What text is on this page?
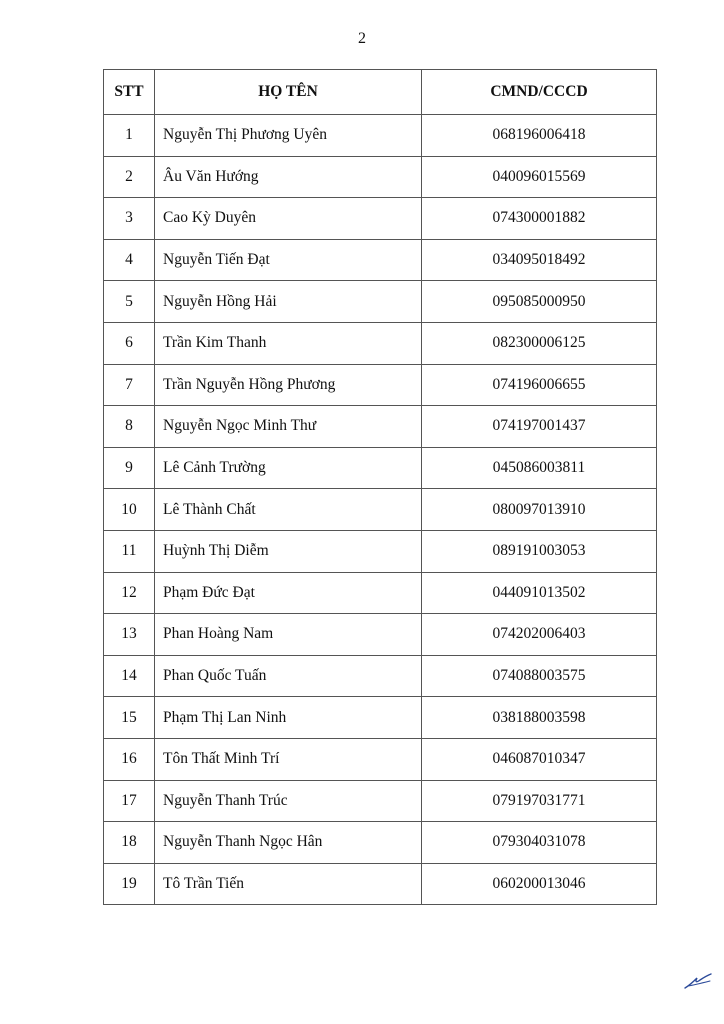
2
STT	HỌ TÊN	CMND/CCCD
1	Nguyễn Thị Phương Uyên	068196006418
2	Âu Văn Hướng	040096015569
3	Cao Kỳ Duyên	074300001882
4	Nguyễn Tiến Đạt	034095018492
5	Nguyễn Hồng Hải	095085000950
6	Trần Kim Thanh	082300006125
7	Trần Nguyễn Hồng Phương	074196006655
8	Nguyễn Ngọc Minh Thư	074197001437
9	Lê Cảnh Trường	045086003811
10	Lê Thành Chất	080097013910
11	Huỳnh Thị Diễm	089191003053
12	Phạm Đức Đạt	044091013502
13	Phan Hoàng Nam	074202006403
14	Phan Quốc Tuấn	074088003575
15	Phạm Thị Lan Ninh	038188003598
16	Tôn Thất Minh Trí	046087010347
17	Nguyễn Thanh Trúc	079197031771
18	Nguyễn Thanh Ngọc Hân	079304031078
19	Tô Trần Tiến	060200013046
